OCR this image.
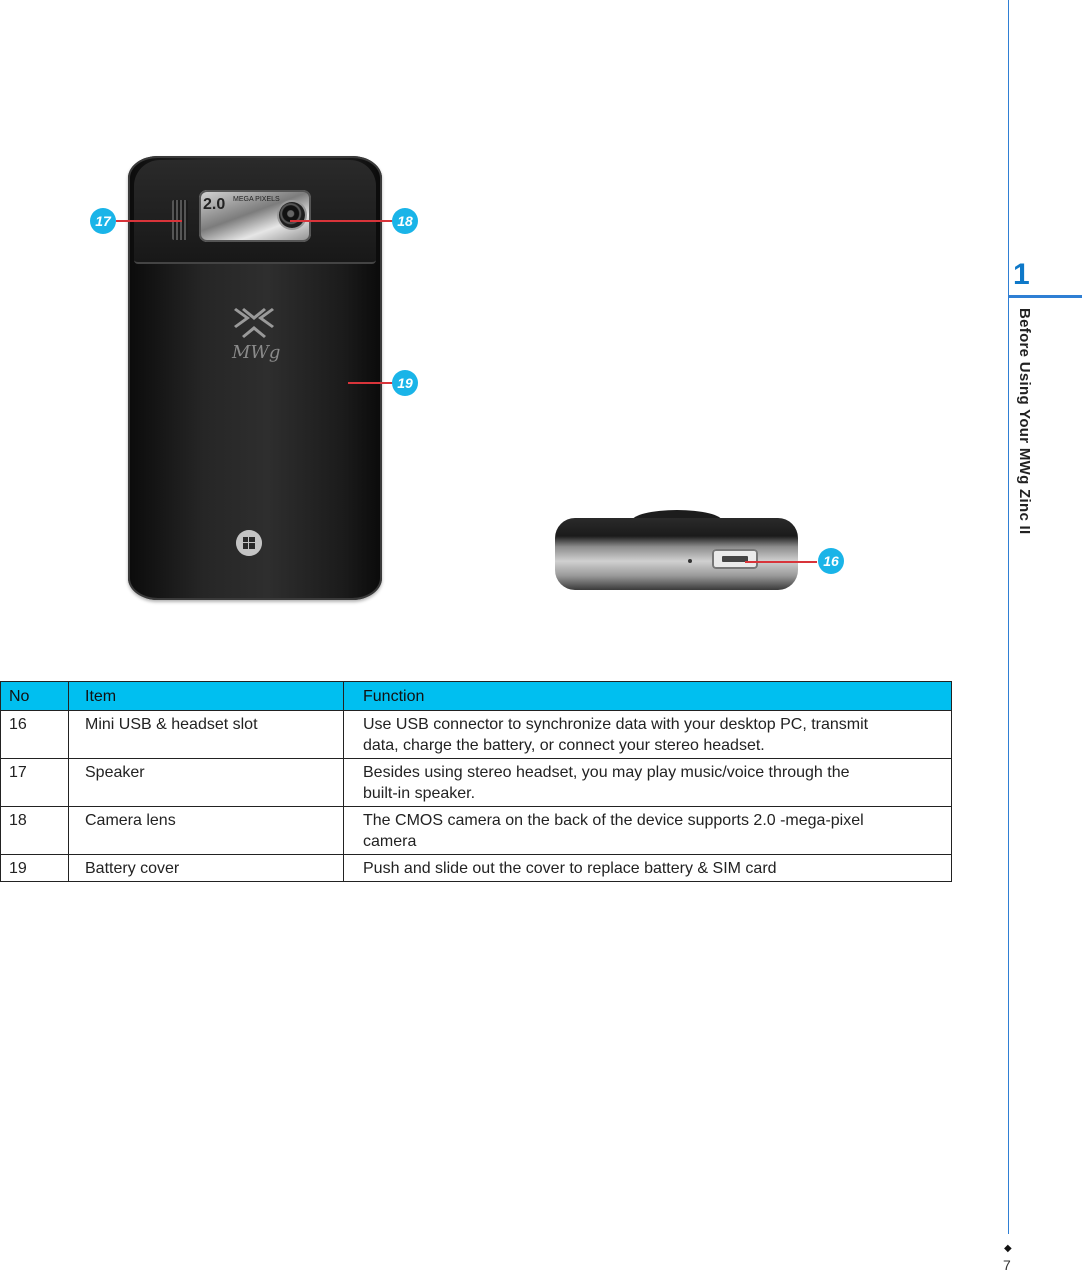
1
Before Using Your MWg Zinc II
◆
7
2.0 MEGA PIXELS
MWg
17	18
19
16
No	Item	Function
16	Mini USB & headset slot	Use USB connector to synchronize data with your desktop PC, transmit
data, charge the battery, or connect your stereo headset.
17	Speaker	Besides using stereo headset, you may play music/voice through the
built-in speaker.
18	Camera lens	The CMOS camera on the back of the device supports 2.0 -mega-pixel
camera
19	Battery cover	Push and slide out the cover to replace battery & SIM card
